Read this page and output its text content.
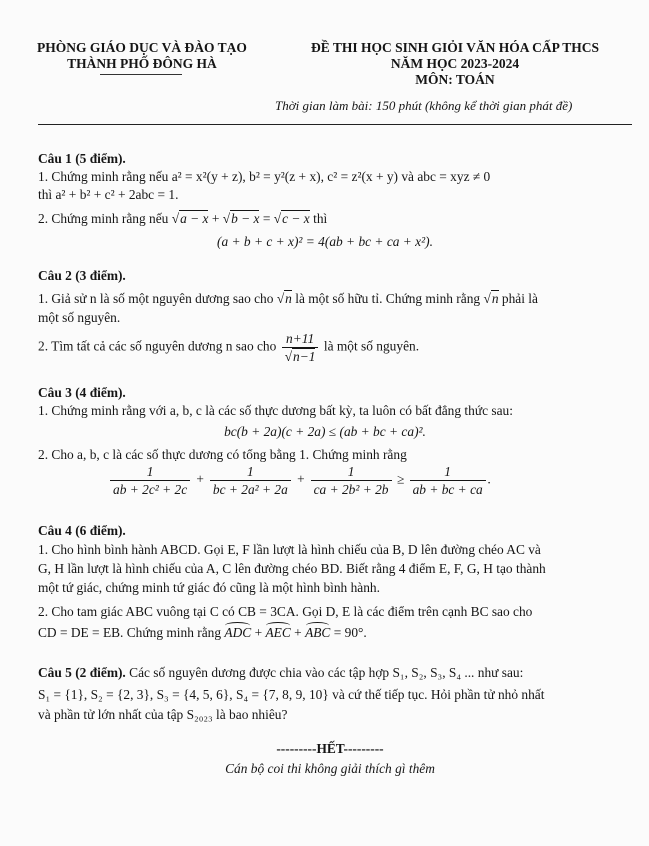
PHÒNG GIÁO DỤC VÀ ĐÀO TẠO
THÀNH PHỐ ĐÔNG HÀ
ĐỀ THI HỌC SINH GIỎI VĂN HÓA CẤP THCS
NĂM HỌC 2023-2024
MÔN: TOÁN
Thời gian làm bài: 150 phút (không kể thời gian phát đề)
Câu 1 (5 điểm).
1. Chứng minh rằng nếu a² = x²(y + z), b² = y²(z + x), c² = z²(x + y) và abc = xyz ≠ 0
thì a² + b² + c² + 2abc = 1.
2. Chứng minh rằng nếu √a − x + √b − x = √c − x thì
(a + b + c + x)² = 4(ab + bc + ca + x²).
Câu 2 (3 điểm).
1. Giả sử n là số một nguyên dương sao cho √n là một số hữu tỉ. Chứng minh rằng √n phải là
một số nguyên.
2. Tìm tất cả các số nguyên dương n sao cho $\frac{n+11}{√n-1}$ là một số nguyên.
Câu 3 (4 điểm).
1. Chứng minh rằng với a, b, c là các số thực dương bất kỳ, ta luôn có bất đẳng thức sau:
bc(b + 2a)(c + 2a) ≤ (ab + bc + ca)².
2. Cho a, b, c là các số thực dương có tổng bằng 1. Chứng minh rằng
$\frac{1}{\text{ab + 2c² + 2c}} + \frac{1}{\text{bc + 2a² + 2a}} + \frac{1}{\text{ca + 2b² + 2b}} \ge \frac{1}{ab + bc + ca}$ .
Câu 4 (6 điểm).
1. Cho hình bình hành ABCD. Gọi E, F lần lượt là hình chiếu của B, D lên đường chéo AC và
G, H lần lượt là hình chiếu của A, C lên đường chéo BD. Biết rằng 4 điểm E, F, G, H tạo thành
một tứ giác, chứng minh tứ giác đó cũng là một hình bình hành.
2. Cho tam giác ABC vuông tại C có CB = 3CA. Gọi D, E là các điểm trên cạnh BC sao cho
CD = DE = EB. Chứng minh rằng ADC + AEC + ABC = 90°.
Câu 5 (2 điểm). Các số nguyên dương được chia vào các tập hợp S₁, S₂, S₃, S₄ ... như sau:
S₁ = {1}, S₂ = {2, 3}, S₃ = {4, 5, 6}, S₄ = {7, 8, 9, 10} và cứ thế tiếp tục. Hỏi phần tử nhỏ nhất
và phần tử lớn nhất của tập S₂₀₂₃ là bao nhiêu?
---------HẾT---------
Cán bộ coi thi không giải thích gì thêm
